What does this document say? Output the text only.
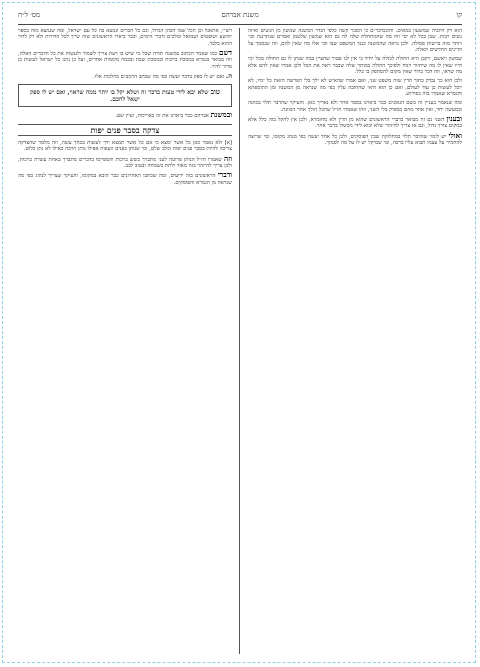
קו
משנת אברהם
מס׳ ל״ח

הוא רק חיוביה שמשעון במאים. והוכסיבר״ם כי הסבר קשה כלפי הגדר המשנה שמשון מן הנשים ואיזה נשים רבות. שבן בכל לא יסי וזה מה שהמתחלת שלה לה גם הוא שמשון שלטמן ואמרם שנתרנגה וכו׳ ויותר מזה ברשות פסולה. ולכן נראה שהמשנה כנגד המשפט שבו וכו׳ אלו מה שאין להם, וזה שנסמך על הדינים החדשים האלה.

שמשון ויאשם, ויקבן היא החולה לכולה על יחיד כי אין לנו פטור שחציין במה שנתן לו גם החולה מכל ימי חייו שאין לו מה שיחזור וינוח ולפיכך החולה במותר שלה שכבר ראה את הכל ולכן אמרו שאין להם אלא מה שראו, וזה דבר ברור שאין מקום להסתפק בו כלל.

ולכן הוא כך נבדק בתוך הדין שזה משפט שני, ואם אמרו שהאיש לא ילך בלי הפרשה הזאת כל ימיו, לא יוכל לעשות כן עוד לעולם, ואם כן הוא ודאי שהחובה עליו כפי מה שנראה מן המשנה ומן התוספתא והגמרא שאמרו בזה בפירוש.

ומה שנאמר בעניין זה בשם הגאונים כבר ביארנו בספר אחר ולא נאריך כאן. והעיקר שהדבר תלוי בכוונה ובמעשה יחד, ואין אחד מהם מספיק בלי השני, וזהו שאמרו חז״ל שהכל הולך אחר הכוונה.

ובענין השני גם זה מבואר בדברי הראשונים שהוא מן הדין ולא מחומרא, ולכן אין להקל בזה כלל אלא במקום צורך גדול, וגם אז צריך להיזהר שלא יבוא לידי מכשול בדבר אחר.

ואולי יש לומר שהדבר תלוי במחלוקת שבין הפוסקים, ולכן כל אחד יעשה כפי מנהג מקומו, ומי שרוצה להחמיר על עצמו תבוא עליו ברכה, ומי שמיקל יש לו על מה לסמוך.

רש״י, אתאגל וכן הכל שמו הכהן הגדול, וגם כל חברים ונמצא בה כל עם ישראל, ומה שנמצא מזה בספר יהושע ושופטים ושמואל ומלכים ודברי הימים, וכבר ביארו הראשונים שזה שייך לכל הדורות ולא רק לדור ההוא בלבד.

דשם כמו שאמר הכתוב במשנה תורה שכל מי שיש בו דעת צריך לשמור ולעשות את כל הדברים האלה, וזה מבואר בגמרא במסכת ברכות ובמסכת שבת ובכמה מקומות אחרים, ועל כן נהגו כל ישראל לעשות כן מדור לדור.

ה. ואם יש לו ספק בדבר יעשה כפי מה שכתב הרמב״ם בהלכות אלו.

טוב שלא יבא לידי טעות בדבר זה ושלא יקל בו יותר ממה שראוי, ואם יש לו ספק ישאל לחכם.

ובמשנת אברהם כבר ביארנו את זה באריכות, ועיין שם.

צדקה בסבר פנים יפות

[א] ולא נאמר כאן כל אשר ימצא כי אם כל אשר תמצא ידך לעשות בכחך עשה, וזה מלמד שהצדקה צריכה להיות בסבר פנים יפות ובלב שלם, ומי שנותן בפנים זועפות אפילו נותן הרבה כאילו לא נתן כלום.

וזה שאמרו חז״ל הנותן פרוטה לעני מתברך בשש ברכות והמפייסו בדברים מתברך באחת עשרה ברכות, ולכן צריך להיזהר בזה מאוד ולתת בשמחה ובטוב לבב.

ודברי הראשונים בזה ידועים, ומה שכתבו האחרונים כבר הובא במקומו, והעיקר שצריך לנהוג כפי מה שנראה מן הגמרא והפוסקים.
